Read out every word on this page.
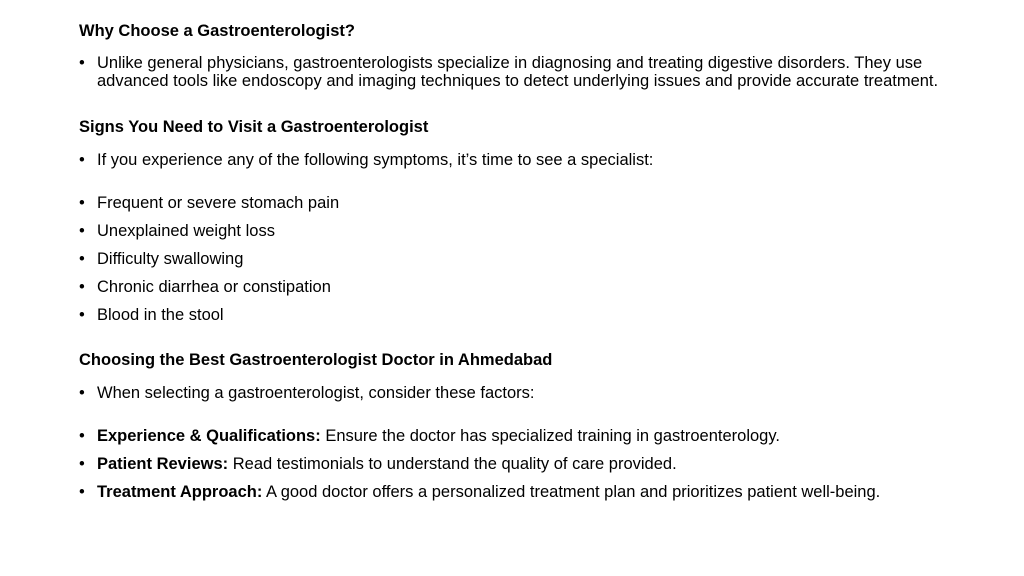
Why Choose a Gastroenterologist?
• Unlike general physicians, gastroenterologists specialize in diagnosing and treating digestive disorders. They use advanced tools like endoscopy and imaging techniques to detect underlying issues and provide accurate treatment.
Signs You Need to Visit a Gastroenterologist
• If you experience any of the following symptoms, it’s time to see a specialist:
• Frequent or severe stomach pain
• Unexplained weight loss
• Difficulty swallowing
• Chronic diarrhea or constipation
• Blood in the stool
Choosing the Best Gastroenterologist Doctor in Ahmedabad
• When selecting a gastroenterologist, consider these factors:
• Experience & Qualifications: Ensure the doctor has specialized training in gastroenterology.
• Patient Reviews: Read testimonials to understand the quality of care provided.
• Treatment Approach: A good doctor offers a personalized treatment plan and prioritizes patient well-being.
